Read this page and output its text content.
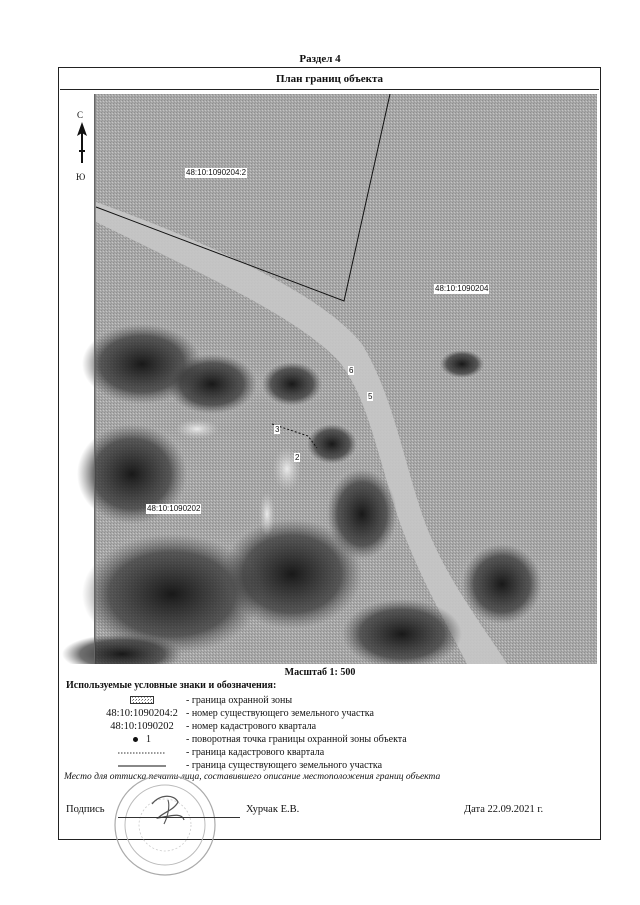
Раздел 4
План границ объекта
С
Ю	48:10:1090204:2
48:10:1090204
48:10:1090202
6
5
3
2
Масштаб 1: 500
Используемые условные знаки и обозначения:
- граница охранной зоны
48:10:1090204:2 - номер существующего земельного участка
48:10:1090202	- номер кадастрового квартала
1	- поворотная точка границы охранной зоны объекта
- граница кадастрового квартала
- граница существующего земельного участка
Место для оттиска печати лица, составившего описание местоположения границ объекта
Подпись	Хурчак Е.В.	Дата 22.09.2021 г.
